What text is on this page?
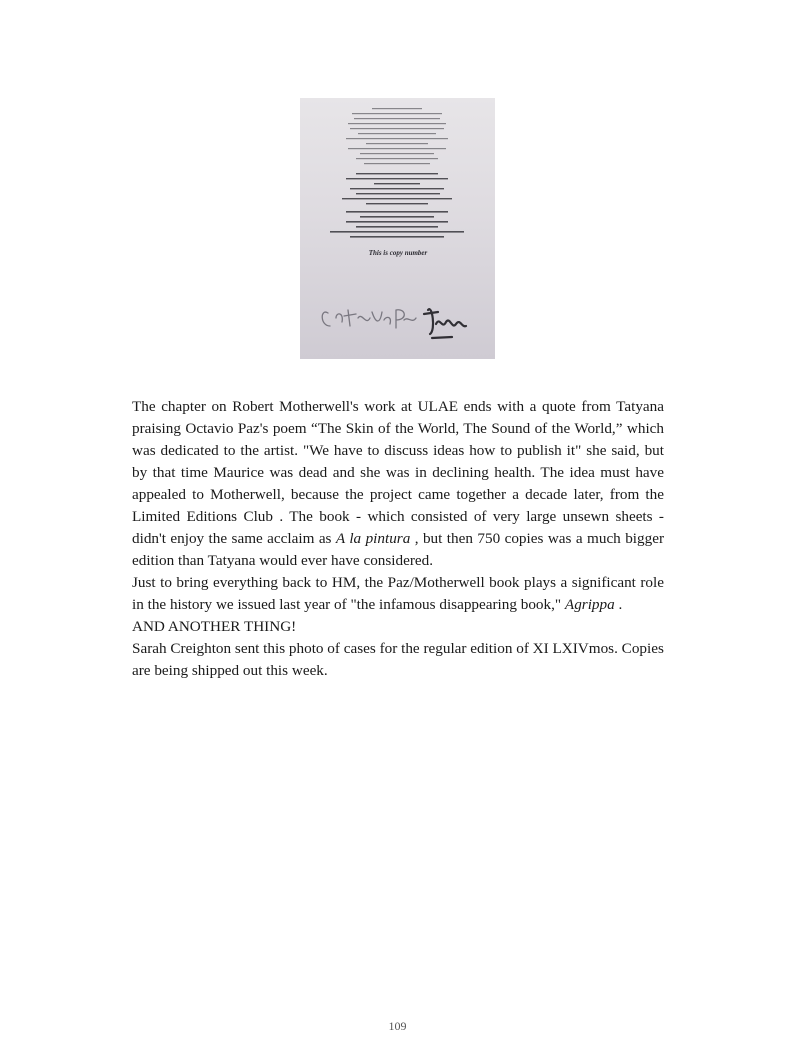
This is copy number

The chapter on Robert Motherwell's work at ULAE ends with a quote from Tatyana praising Octavio Paz's poem “The Skin of the World, The Sound of the World,” which was dedicated to the artist. "We have to discuss ideas how to publish it" she said, but by that time Maurice was dead and she was in declining health. The idea must have appealed to Motherwell, because the project came together a decade later, from the Limited Editions Club . The book - which consisted of very large unsewn sheets - didn't enjoy the same acclaim as A la pintura , but then 750 copies was a much bigger edition than Tatyana would ever have considered.

Just to bring everything back to HM, the Paz/Motherwell book plays a significant role in the history we issued last year of "the infamous disappearing book," Agrippa .

AND ANOTHER THING!

Sarah Creighton sent this photo of cases for the regular edition of XI LXIVmos. Copies are being shipped out this week.

109
